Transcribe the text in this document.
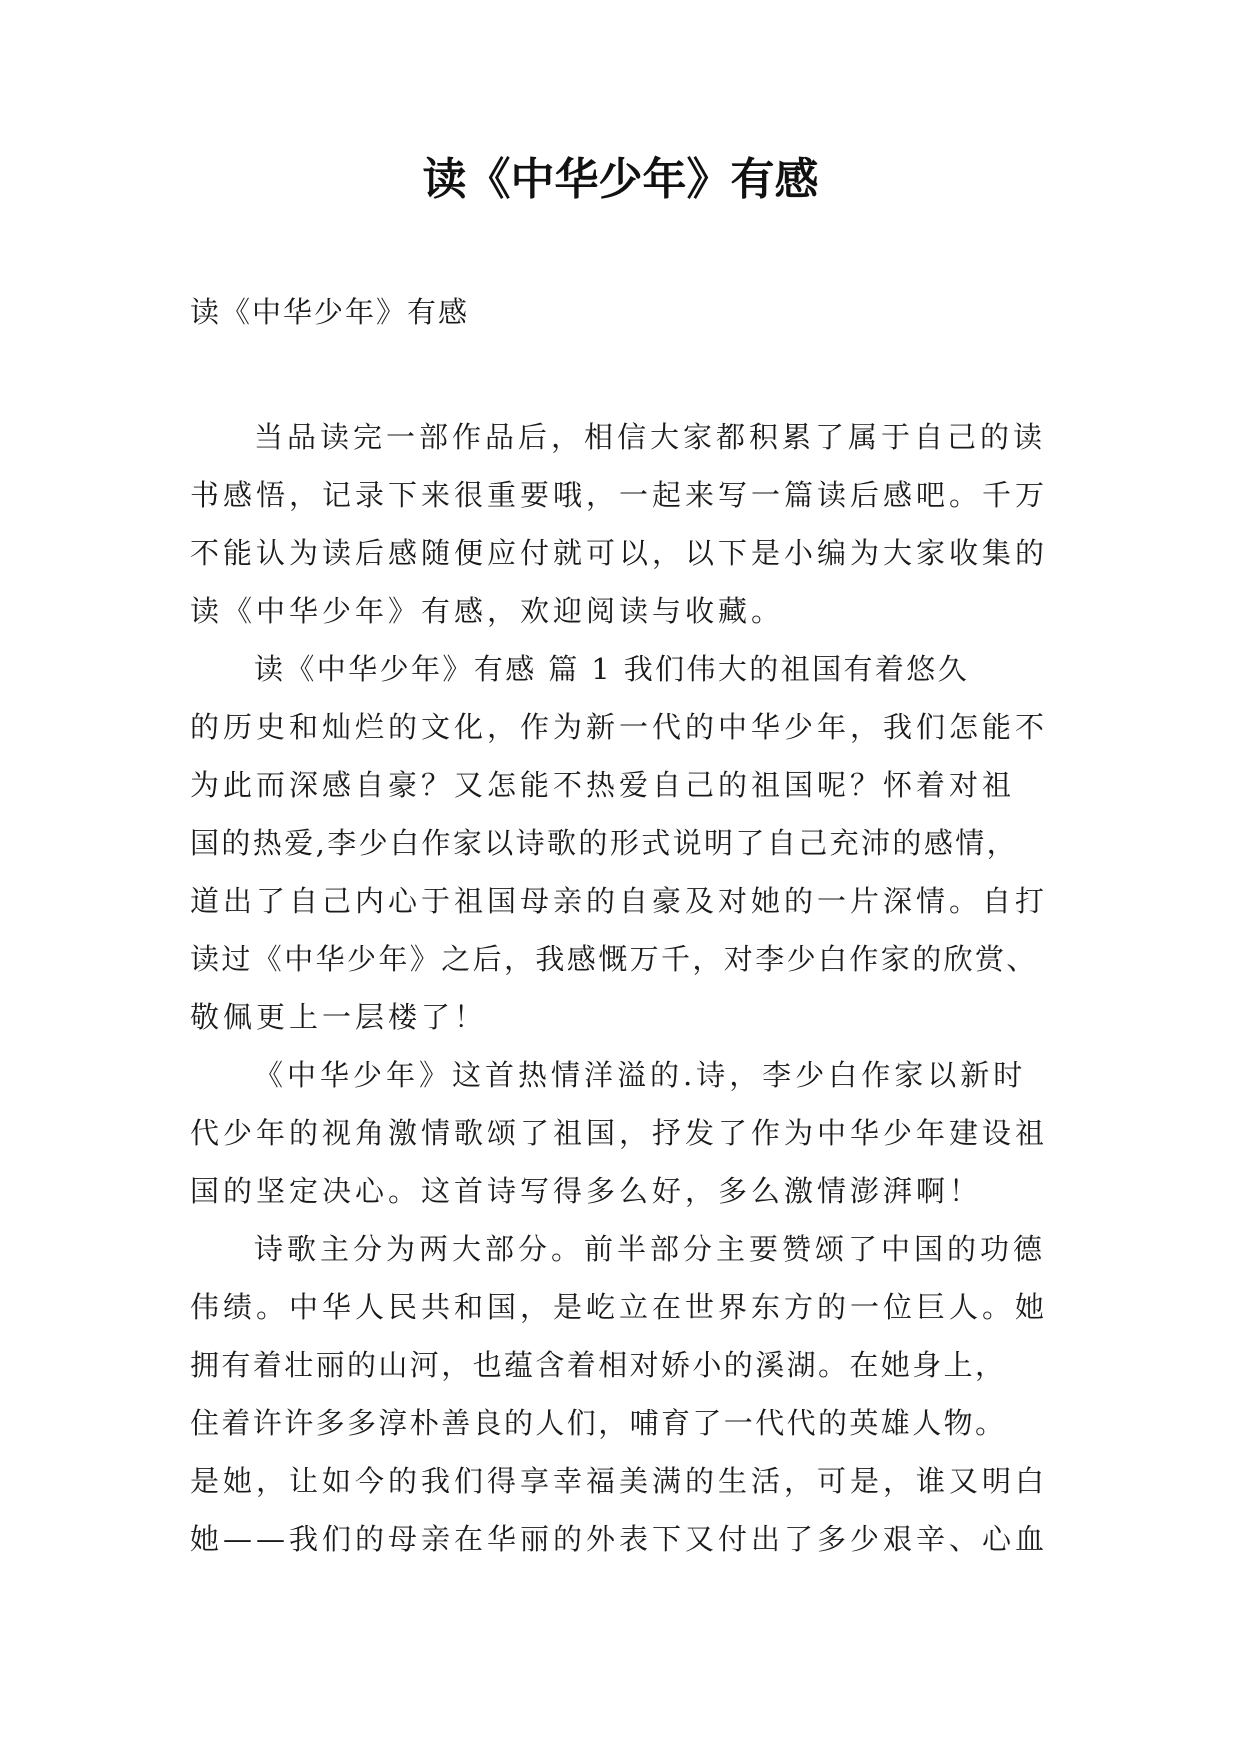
读《中华少年》有感
读《中华少年》有感
当品读完一部作品后，相信大家都积累了属于自己的读
书感悟，记录下来很重要哦，一起来写一篇读后感吧。千万
不能认为读后感随便应付就可以，以下是小编为大家收集的
读《中华少年》有感，欢迎阅读与收藏。
读《中华少年》有感 篇 1 我们伟大的祖国有着悠久
的历史和灿烂的文化，作为新一代的中华少年，我们怎能不
为此而深感自豪？又怎能不热爱自己的祖国呢？怀着对祖
国的热爱,李少白作家以诗歌的形式说明了自己充沛的感情，
道出了自己内心于祖国母亲的自豪及对她的一片深情。自打
读过《中华少年》之后，我感慨万千，对李少白作家的欣赏、
敬佩更上一层楼了！
《中华少年》这首热情洋溢的.诗，李少白作家以新时
代少年的视角激情歌颂了祖国，抒发了作为中华少年建设祖
国的坚定决心。这首诗写得多么好，多么激情澎湃啊！
诗歌主分为两大部分。前半部分主要赞颂了中国的功德
伟绩。中华人民共和国，是屹立在世界东方的一位巨人。她
拥有着壮丽的山河，也蕴含着相对娇小的溪湖。在她身上，
住着许许多多淳朴善良的人们，哺育了一代代的英雄人物。
是她，让如今的我们得享幸福美满的生活，可是，谁又明白
她——我们的母亲在华丽的外表下又付出了多少艰辛、心血
